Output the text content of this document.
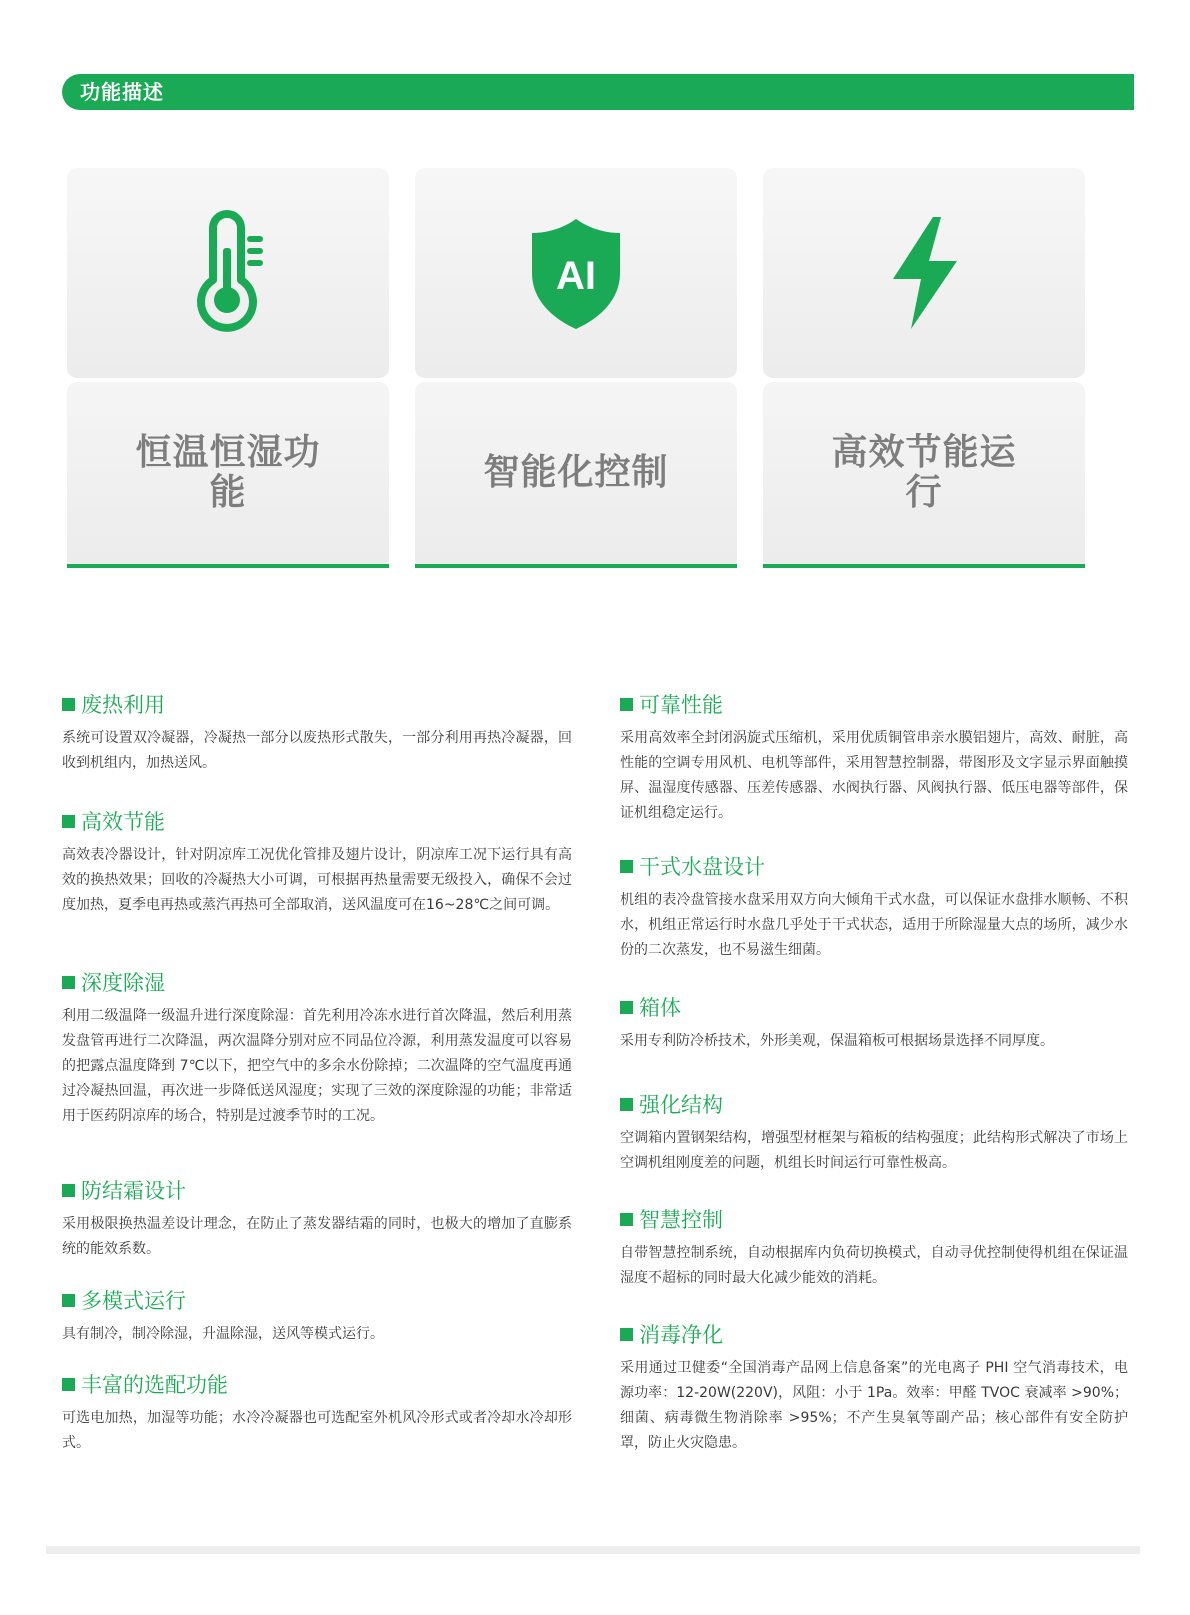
功能描述
恒温恒湿功能
AI
智能化控制	高效节能运行
废热利用
系统可设置双冷凝器，冷凝热一部分以废热形式散失，一部分利用再热冷凝器，回收到机组内，加热送风。
高效节能
高效表冷器设计，针对阴凉库工况优化管排及翅片设计，阴凉库工况下运行具有高效的换热效果；回收的冷凝热大小可调，可根据再热量需要无级投入，确保不会过度加热，夏季电再热或蒸汽再热可全部取消，送风温度可在16~28℃之间可调。
深度除湿
利用二级温降一级温升进行深度除湿：首先利用冷冻水进行首次降温，然后利用蒸发盘管再进行二次降温，两次温降分别对应不同品位冷源，利用蒸发温度可以容易的把露点温度降到 7℃以下，把空气中的多余水份除掉；二次温降的空气温度再通过冷凝热回温，再次进一步降低送风湿度；实现了三效的深度除湿的功能；非常适用于医药阴凉库的场合，特别是过渡季节时的工况。
防结霜设计
采用极限换热温差设计理念，在防止了蒸发器结霜的同时，也极大的增加了直膨系统的能效系数。
多模式运行
具有制冷，制冷除湿，升温除湿，送风等模式运行。
丰富的选配功能
可选电加热，加湿等功能；水冷冷凝器也可选配室外机风冷形式或者冷却水冷却形式。
可靠性能
采用高效率全封闭涡旋式压缩机，采用优质铜管串亲水膜铝翅片，高效、耐脏，高性能的空调专用风机、电机等部件，采用智慧控制器，带图形及文字显示界面触摸屏、温湿度传感器、压差传感器、水阀执行器、风阀执行器、低压电器等部件，保证机组稳定运行。
干式水盘设计
机组的表冷盘管接水盘采用双方向大倾角干式水盘，可以保证水盘排水顺畅、不积水，机组正常运行时水盘几乎处于干式状态，适用于所除湿量大点的场所，减少水份的二次蒸发，也不易滋生细菌。
箱体
采用专利防冷桥技术，外形美观，保温箱板可根据场景选择不同厚度。
强化结构
空调箱内置钢架结构，增强型材框架与箱板的结构强度；此结构形式解决了市场上空调机组刚度差的问题，机组长时间运行可靠性极高。
智慧控制
自带智慧控制系统，自动根据库内负荷切换模式，自动寻优控制使得机组在保证温湿度不超标的同时最大化减少能效的消耗。
消毒净化
采用通过卫健委“全国消毒产品网上信息备案”的光电离子 PHI 空气消毒技术，电源功率：12-20W(220V)，风阻：小于 1Pa。效率：甲醛 TVOC 衰减率 >90%；细菌、病毒微生物消除率 >95%；不产生臭氧等副产品；核心部件有安全防护罩，防止火灾隐患。
